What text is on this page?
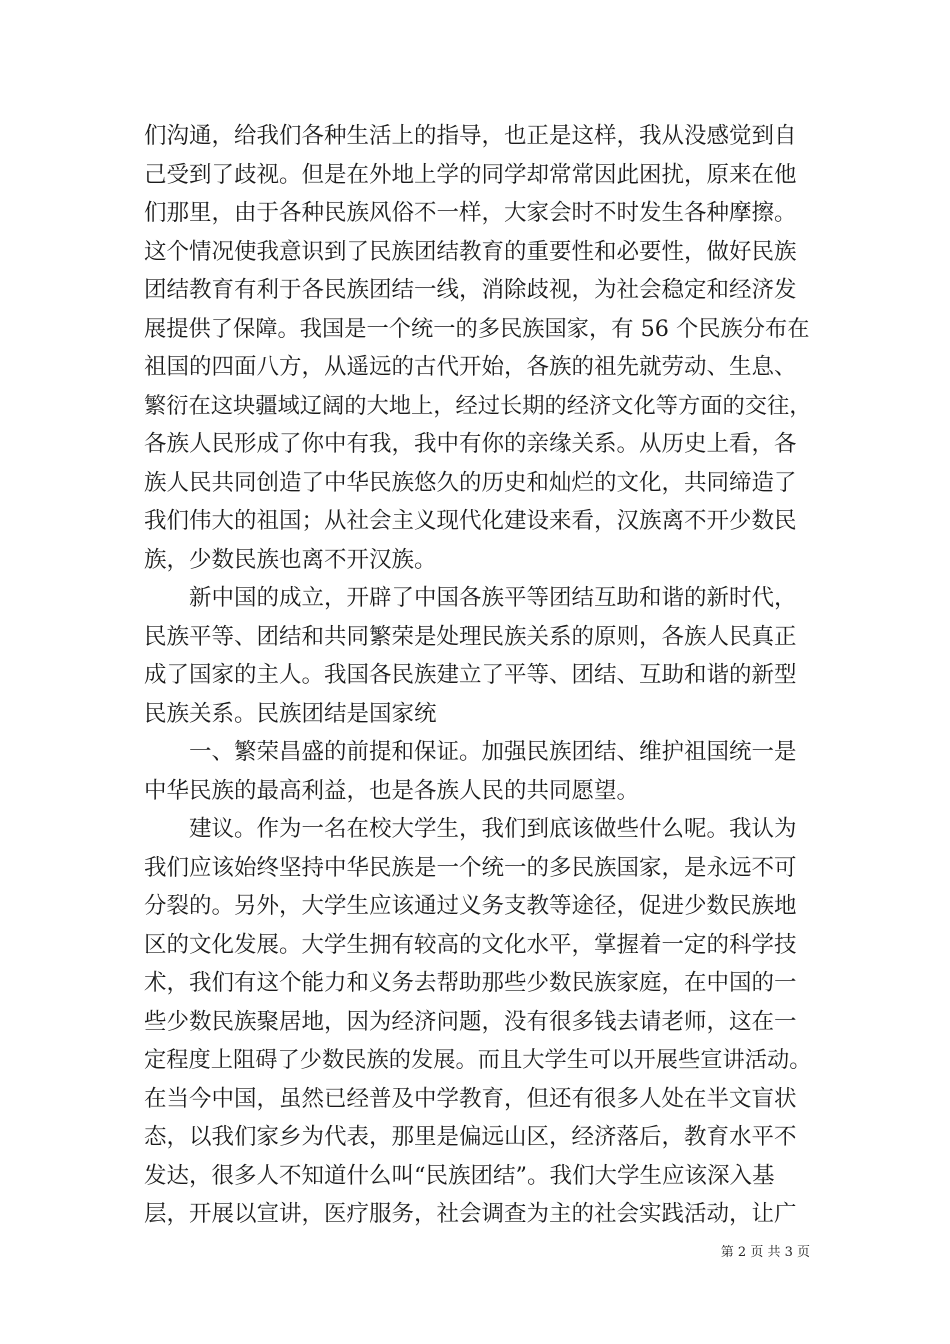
们沟通，给我们各种生活上的指导，也正是这样，我从没感觉到自
己受到了歧视。但是在外地上学的同学却常常因此困扰，原来在他
们那里，由于各种民族风俗不一样，大家会时不时发生各种摩擦。
这个情况使我意识到了民族团结教育的重要性和必要性，做好民族
团结教育有利于各民族团结一线，消除歧视，为社会稳定和经济发
展提供了保障。我国是一个统一的多民族国家，有 56 个民族分布在
祖国的四面八方，从遥远的古代开始，各族的祖先就劳动、生息、
繁衍在这块疆域辽阔的大地上，经过长期的经济文化等方面的交往，
各族人民形成了你中有我，我中有你的亲缘关系。从历史上看，各
族人民共同创造了中华民族悠久的历史和灿烂的文化，共同缔造了
我们伟大的祖国；从社会主义现代化建设来看，汉族离不开少数民
族，少数民族也离不开汉族。
新中国的成立，开辟了中国各族平等团结互助和谐的新时代，
民族平等、团结和共同繁荣是处理民族关系的原则，各族人民真正
成了国家的主人。我国各民族建立了平等、团结、互助和谐的新型
民族关系。民族团结是国家统
一、繁荣昌盛的前提和保证。加强民族团结、维护祖国统一是
中华民族的最高利益，也是各族人民的共同愿望。
建议。作为一名在校大学生，我们到底该做些什么呢。我认为
我们应该始终坚持中华民族是一个统一的多民族国家，是永远不可
分裂的。另外，大学生应该通过义务支教等途径，促进少数民族地
区的文化发展。大学生拥有较高的文化水平，掌握着一定的科学技
术，我们有这个能力和义务去帮助那些少数民族家庭，在中国的一
些少数民族聚居地，因为经济问题，没有很多钱去请老师，这在一
定程度上阻碍了少数民族的发展。而且大学生可以开展些宣讲活动。
在当今中国，虽然已经普及中学教育，但还有很多人处在半文盲状
态，以我们家乡为代表，那里是偏远山区，经济落后，教育水平不
发达，很多人不知道什么叫“民族团结”。我们大学生应该深入基
层，开展以宣讲，医疗服务，社会调查为主的社会实践活动，让广
第 2 页 共 3 页
